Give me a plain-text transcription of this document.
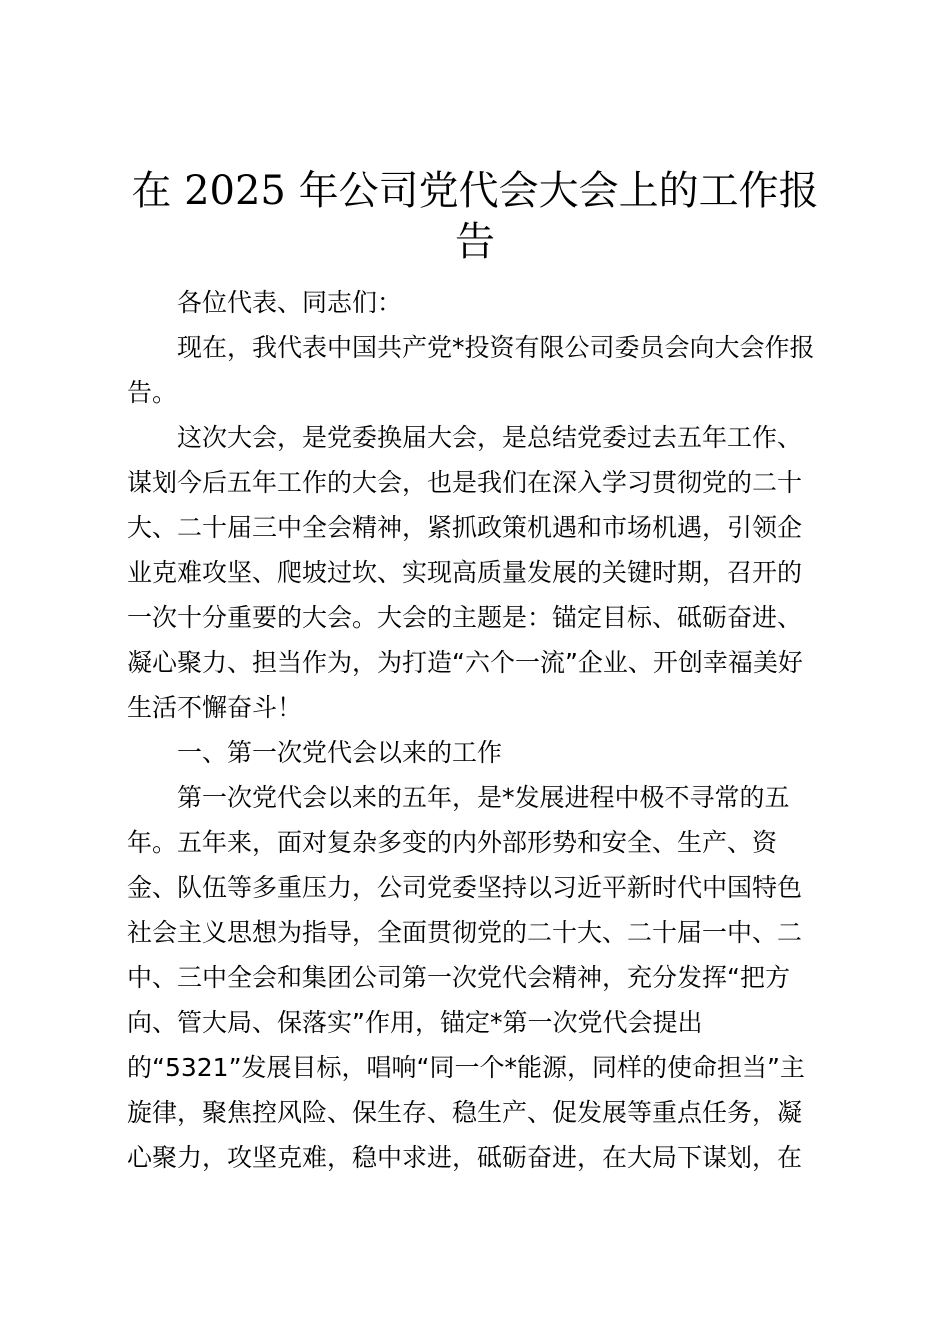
在 2025 年公司党代会大会上的工作报
告

各位代表、同志们：

现在，我代表中国共产党*投资有限公司委员会向大会作报
告。

这次大会，是党委换届大会，是总结党委过去五年工作、
谋划今后五年工作的大会，也是我们在深入学习贯彻党的二十
大、二十届三中全会精神，紧抓政策机遇和市场机遇，引领企
业克难攻坚、爬坡过坎、实现高质量发展的关键时期，召开的
一次十分重要的大会。大会的主题是：锚定目标、砥砺奋进、
凝心聚力、担当作为，为打造“六个一流”企业、开创幸福美好
生活不懈奋斗！

一、第一次党代会以来的工作

第一次党代会以来的五年，是*发展进程中极不寻常的五
年。五年来，面对复杂多变的内外部形势和安全、生产、资
金、队伍等多重压力，公司党委坚持以习近平新时代中国特色
社会主义思想为指导，全面贯彻党的二十大、二十届一中、二
中、三中全会和集团公司第一次党代会精神，充分发挥“把方
向、管大局、保落实”作用，锚定*第一次党代会提出
的“5321”发展目标，唱响“同一个*能源，同样的使命担当”主
旋律，聚焦控风险、保生存、稳生产、促发展等重点任务，凝
心聚力，攻坚克难，稳中求进，砥砺奋进，在大局下谋划，在
